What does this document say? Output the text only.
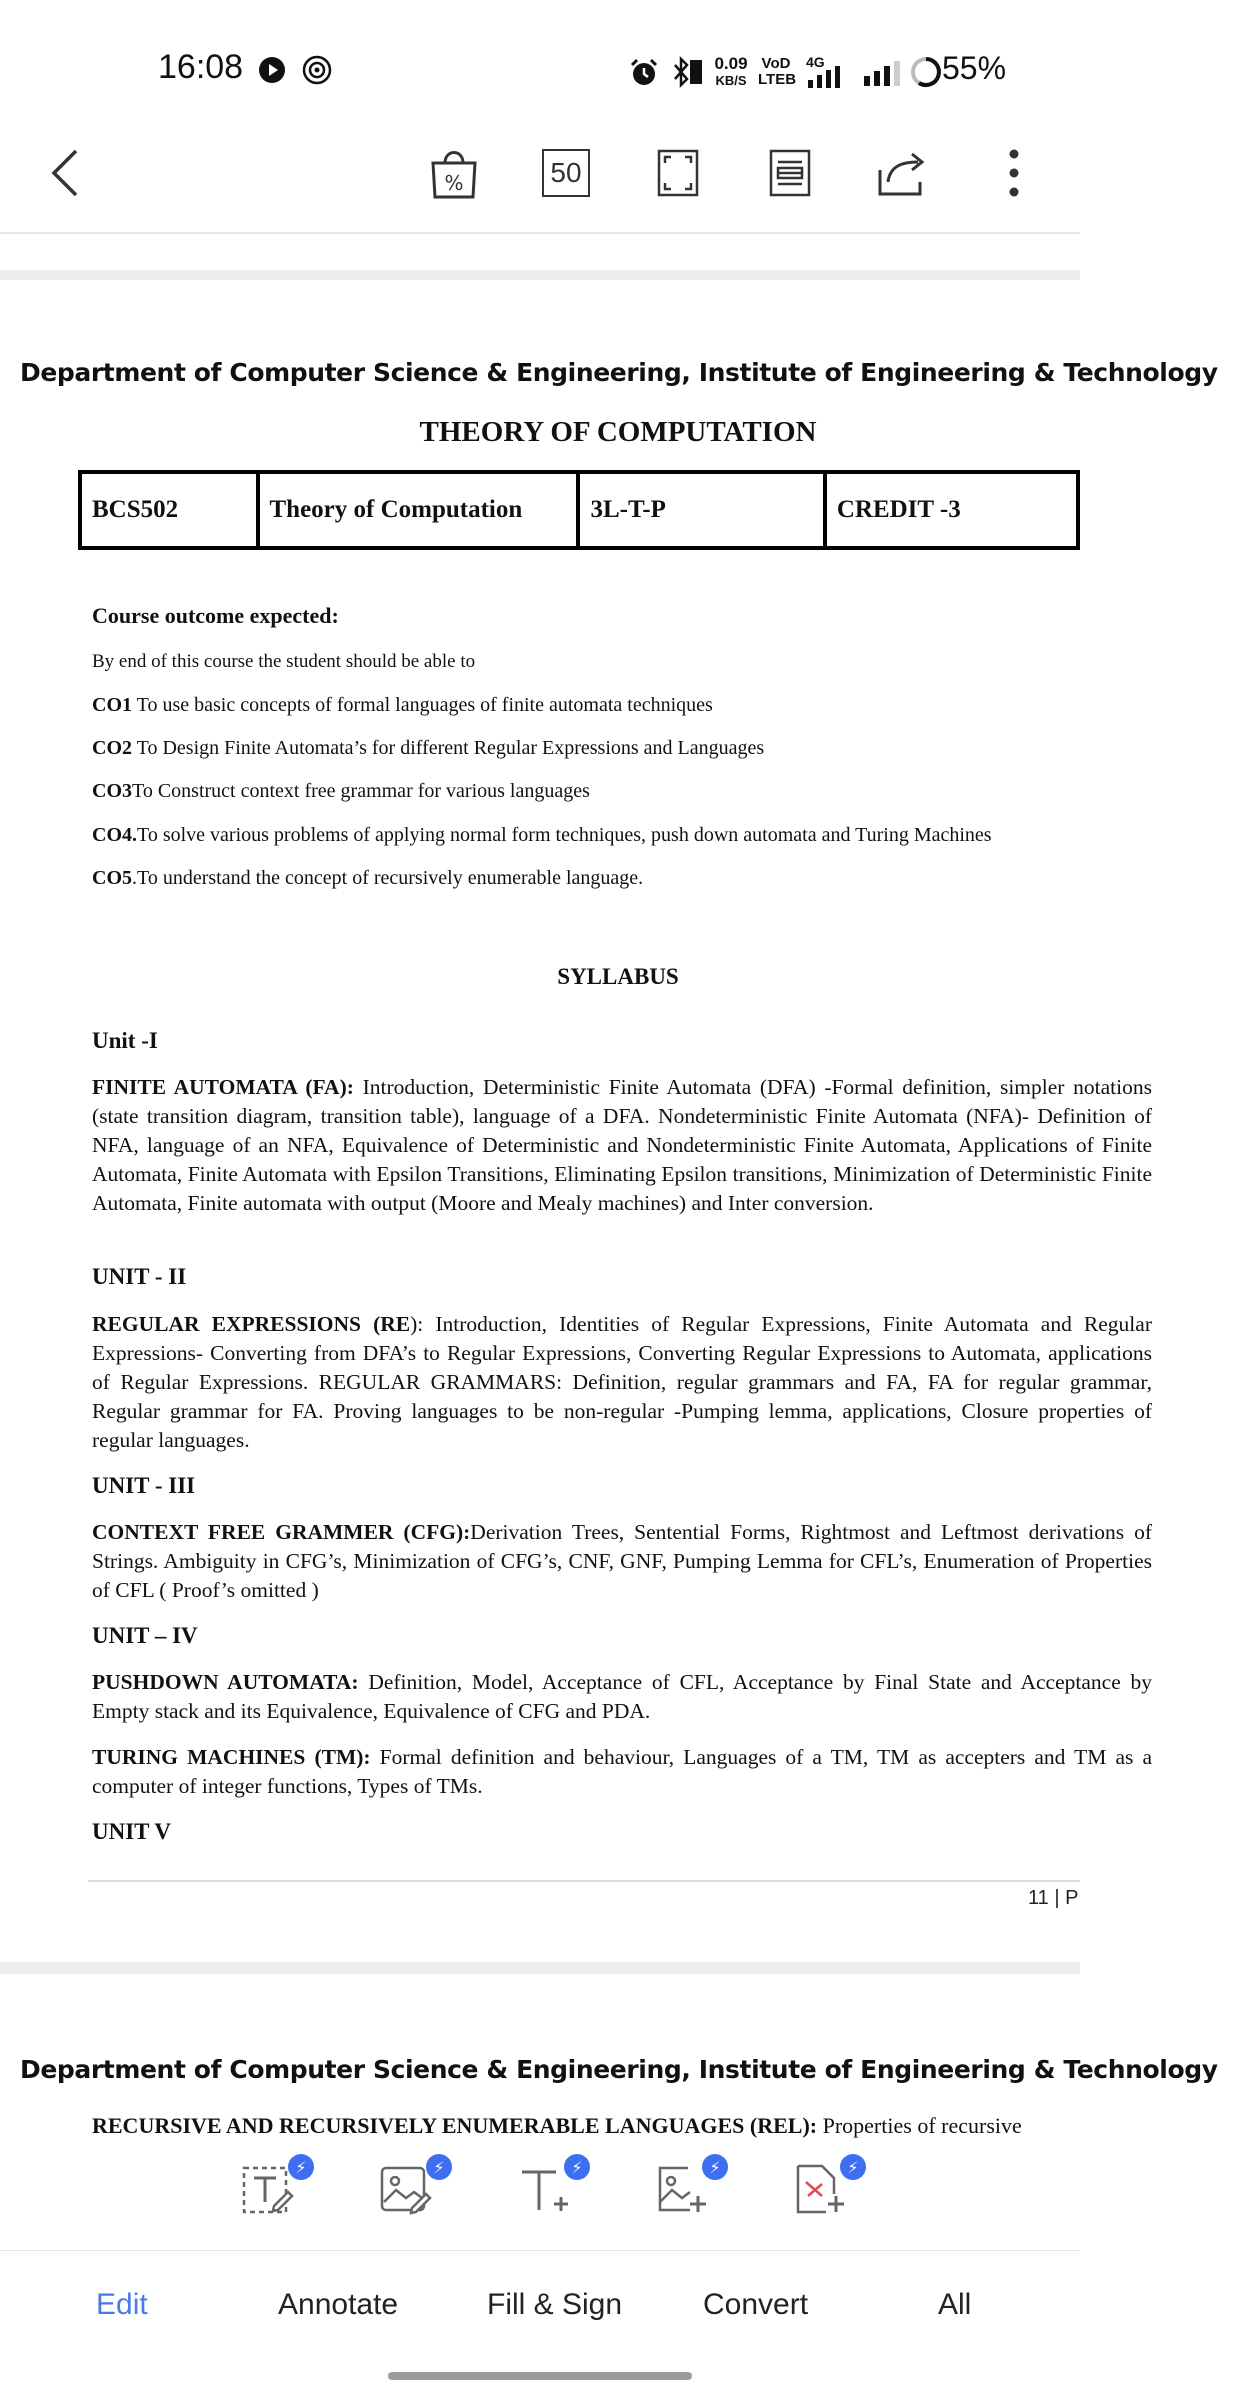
16:08	0.09
KB/S
VoD
LTEB
4G	55%
%	50
Department of Computer Science & Engineering, Institute of Engineering & Technology
THEORY OF COMPUTATION
BCS502	Theory of Computation	3L-T-P	CREDIT -3
Course outcome expected:
By end of this course the student should be able to
CO1 To use basic concepts of formal languages of finite automata techniques
CO2 To Design Finite Automata’s for different Regular Expressions and Languages
CO3To Construct context free grammar for various languages
CO4.To solve various problems of applying normal form techniques, push down automata and Turing Machines
CO5.To understand the concept of recursively enumerable language.
SYLLABUS
Unit -I
FINITE AUTOMATA (FA): Introduction, Deterministic Finite Automata (DFA) -Formal definition, simpler notations (state transition diagram, transition table), language of a DFA. Nondeterministic Finite Automata (NFA)- Definition of NFA, language of an NFA, Equivalence of Deterministic and Nondeterministic Finite Automata, Applications of Finite Automata, Finite Automata with Epsilon Transitions, Eliminating Epsilon transitions, Minimization of Deterministic Finite Automata, Finite automata with output (Moore and Mealy machines) and Inter conversion.
UNIT - II
REGULAR EXPRESSIONS (RE): Introduction, Identities of Regular Expressions, Finite Automata and Regular Expressions- Converting from DFA’s to Regular Expressions, Converting Regular Expressions to Automata, applications of Regular Expressions. REGULAR GRAMMARS: Definition, regular grammars and FA, FA for regular grammar, Regular grammar for FA. Proving languages to be non-regular -Pumping lemma, applications, Closure properties of regular languages.
UNIT - III
CONTEXT FREE GRAMMER (CFG):Derivation Trees, Sentential Forms, Rightmost and Leftmost derivations of Strings. Ambiguity in CFG’s, Minimization of CFG’s, CNF, GNF, Pumping Lemma for CFL’s, Enumeration of Properties of CFL ( Proof’s omitted )
UNIT – IV
PUSHDOWN AUTOMATA: Definition, Model, Acceptance of CFL, Acceptance by Final State and Acceptance by Empty stack and its Equivalence, Equivalence of CFG and PDA.
TURING MACHINES (TM): Formal definition and behaviour, Languages of a TM, TM as accepters and TM as a computer of integer functions, Types of TMs.
UNIT V
11 | P
Department of Computer Science & Engineering, Institute of Engineering & Technology
RECURSIVE AND RECURSIVELY ENUMERABLE LANGUAGES (REL): Properties of recursive
⚡	⚡	⚡	⚡	⚡
Edit	Annotate	Fill & Sign	Convert	All
